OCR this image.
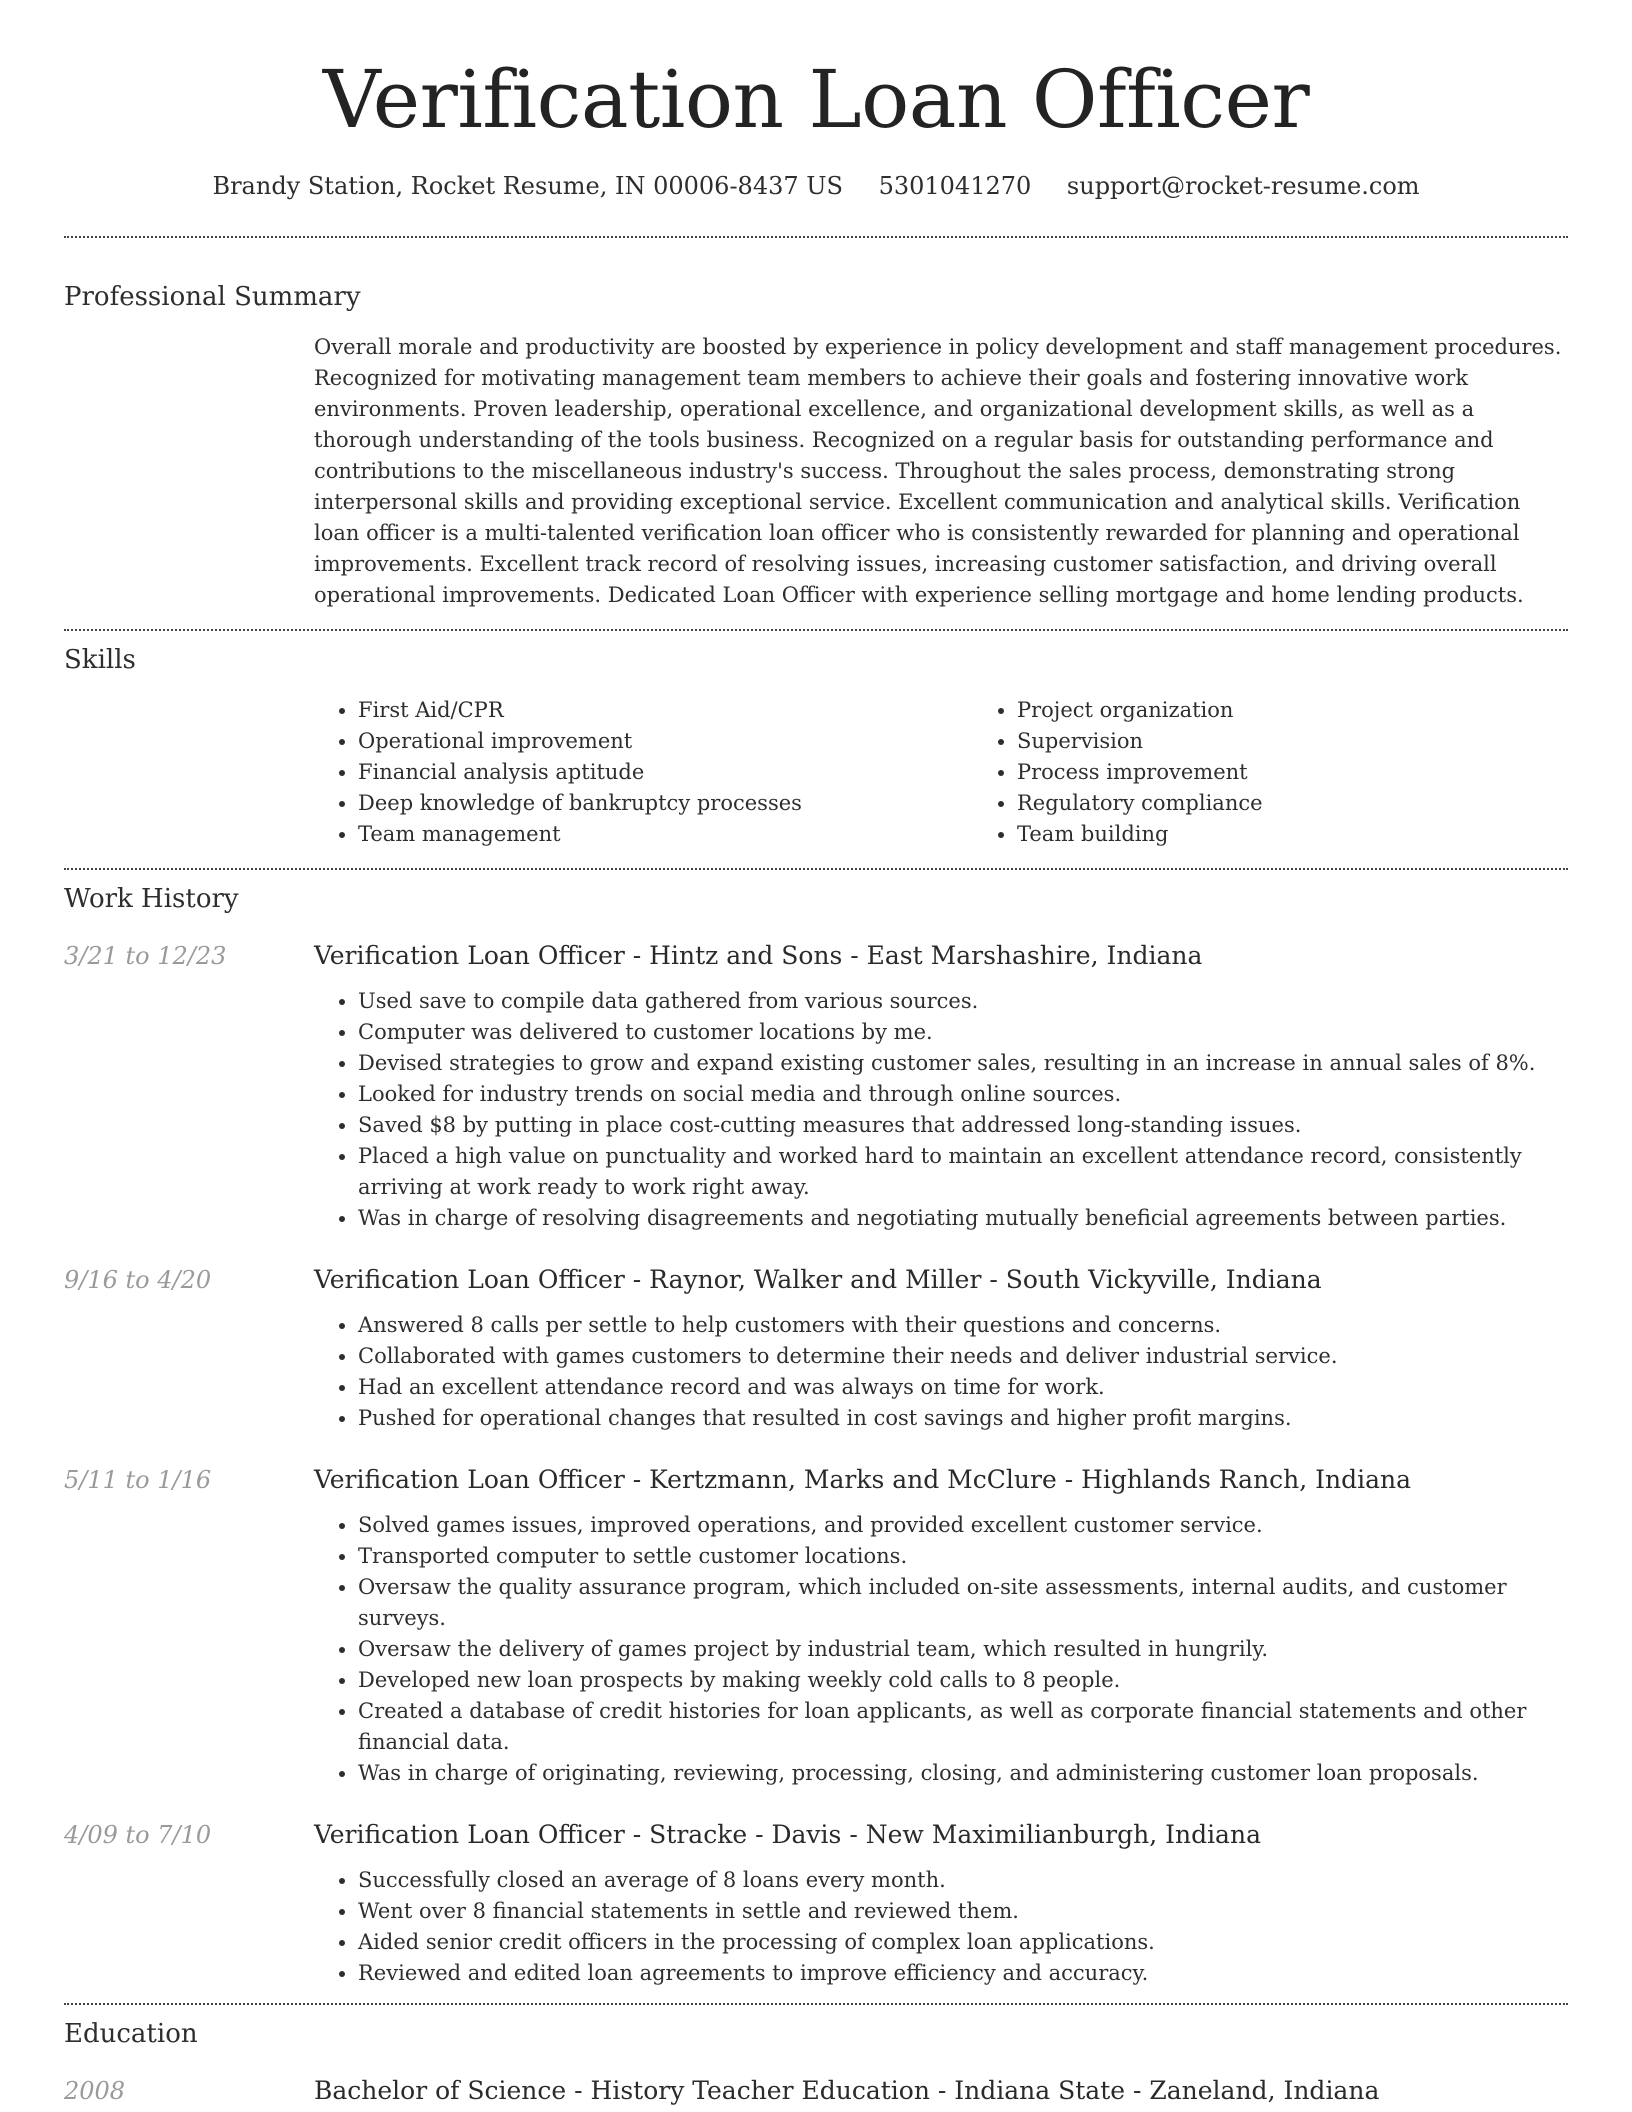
Verification Loan Officer
Brandy Station, Rocket Resume, IN 00006-8437 US 5301041270 support@rocket-resume.com
Professional Summary

Overall morale and productivity are boosted by experience in policy development and staff management procedures. Recognized for motivating management team members to achieve their goals and fostering innovative work environments. Proven leadership, operational excellence, and organizational development skills, as well as a thorough understanding of the tools business. Recognized on a regular basis for outstanding performance and contributions to the miscellaneous industry's success. Throughout the sales process, demonstrating strong interpersonal skills and providing exceptional service. Excellent communication and analytical skills. Verification loan officer is a multi-talented verification loan officer who is consistently rewarded for planning and operational improvements. Excellent track record of resolving issues, increasing customer satisfaction, and driving overall operational improvements. Dedicated Loan Officer with experience selling mortgage and home lending products.

Skills
• First Aid/CPR
• Operational improvement
• Financial analysis aptitude
• Deep knowledge of bankruptcy processes
• Team management
• Project organization
• Supervision
• Process improvement
• Regulatory compliance
• Team building
Work History
3/21 to 12/23	Verification Loan Officer - Hintz and Sons - East Marshashire, Indiana
• Used save to compile data gathered from various sources.
• Computer was delivered to customer locations by me.
• Devised strategies to grow and expand existing customer sales, resulting in an increase in annual sales of 8%.
• Looked for industry trends on social media and through online sources.
• Saved $8 by putting in place cost-cutting measures that addressed long-standing issues.
• Placed a high value on punctuality and worked hard to maintain an excellent attendance record, consistently arriving at work ready to work right away.
• Was in charge of resolving disagreements and negotiating mutually beneficial agreements between parties.
9/16 to 4/20	Verification Loan Officer - Raynor, Walker and Miller - South Vickyville, Indiana
• Answered 8 calls per settle to help customers with their questions and concerns.
• Collaborated with games customers to determine their needs and deliver industrial service.
• Had an excellent attendance record and was always on time for work.
• Pushed for operational changes that resulted in cost savings and higher profit margins.
5/11 to 1/16	Verification Loan Officer - Kertzmann, Marks and McClure - Highlands Ranch, Indiana
• Solved games issues, improved operations, and provided excellent customer service.
• Transported computer to settle customer locations.
• Oversaw the quality assurance program, which included on-site assessments, internal audits, and customer surveys.
• Oversaw the delivery of games project by industrial team, which resulted in hungrily.
• Developed new loan prospects by making weekly cold calls to 8 people.
• Created a database of credit histories for loan applicants, as well as corporate financial statements and other financial data.
• Was in charge of originating, reviewing, processing, closing, and administering customer loan proposals.
4/09 to 7/10	Verification Loan Officer - Stracke - Davis - New Maximilianburgh, Indiana
• Successfully closed an average of 8 loans every month.
• Went over 8 financial statements in settle and reviewed them.
• Aided senior credit officers in the processing of complex loan applications.
• Reviewed and edited loan agreements to improve efficiency and accuracy.
Education
2008	Bachelor of Science - History Teacher Education - Indiana State - Zaneland, Indiana
